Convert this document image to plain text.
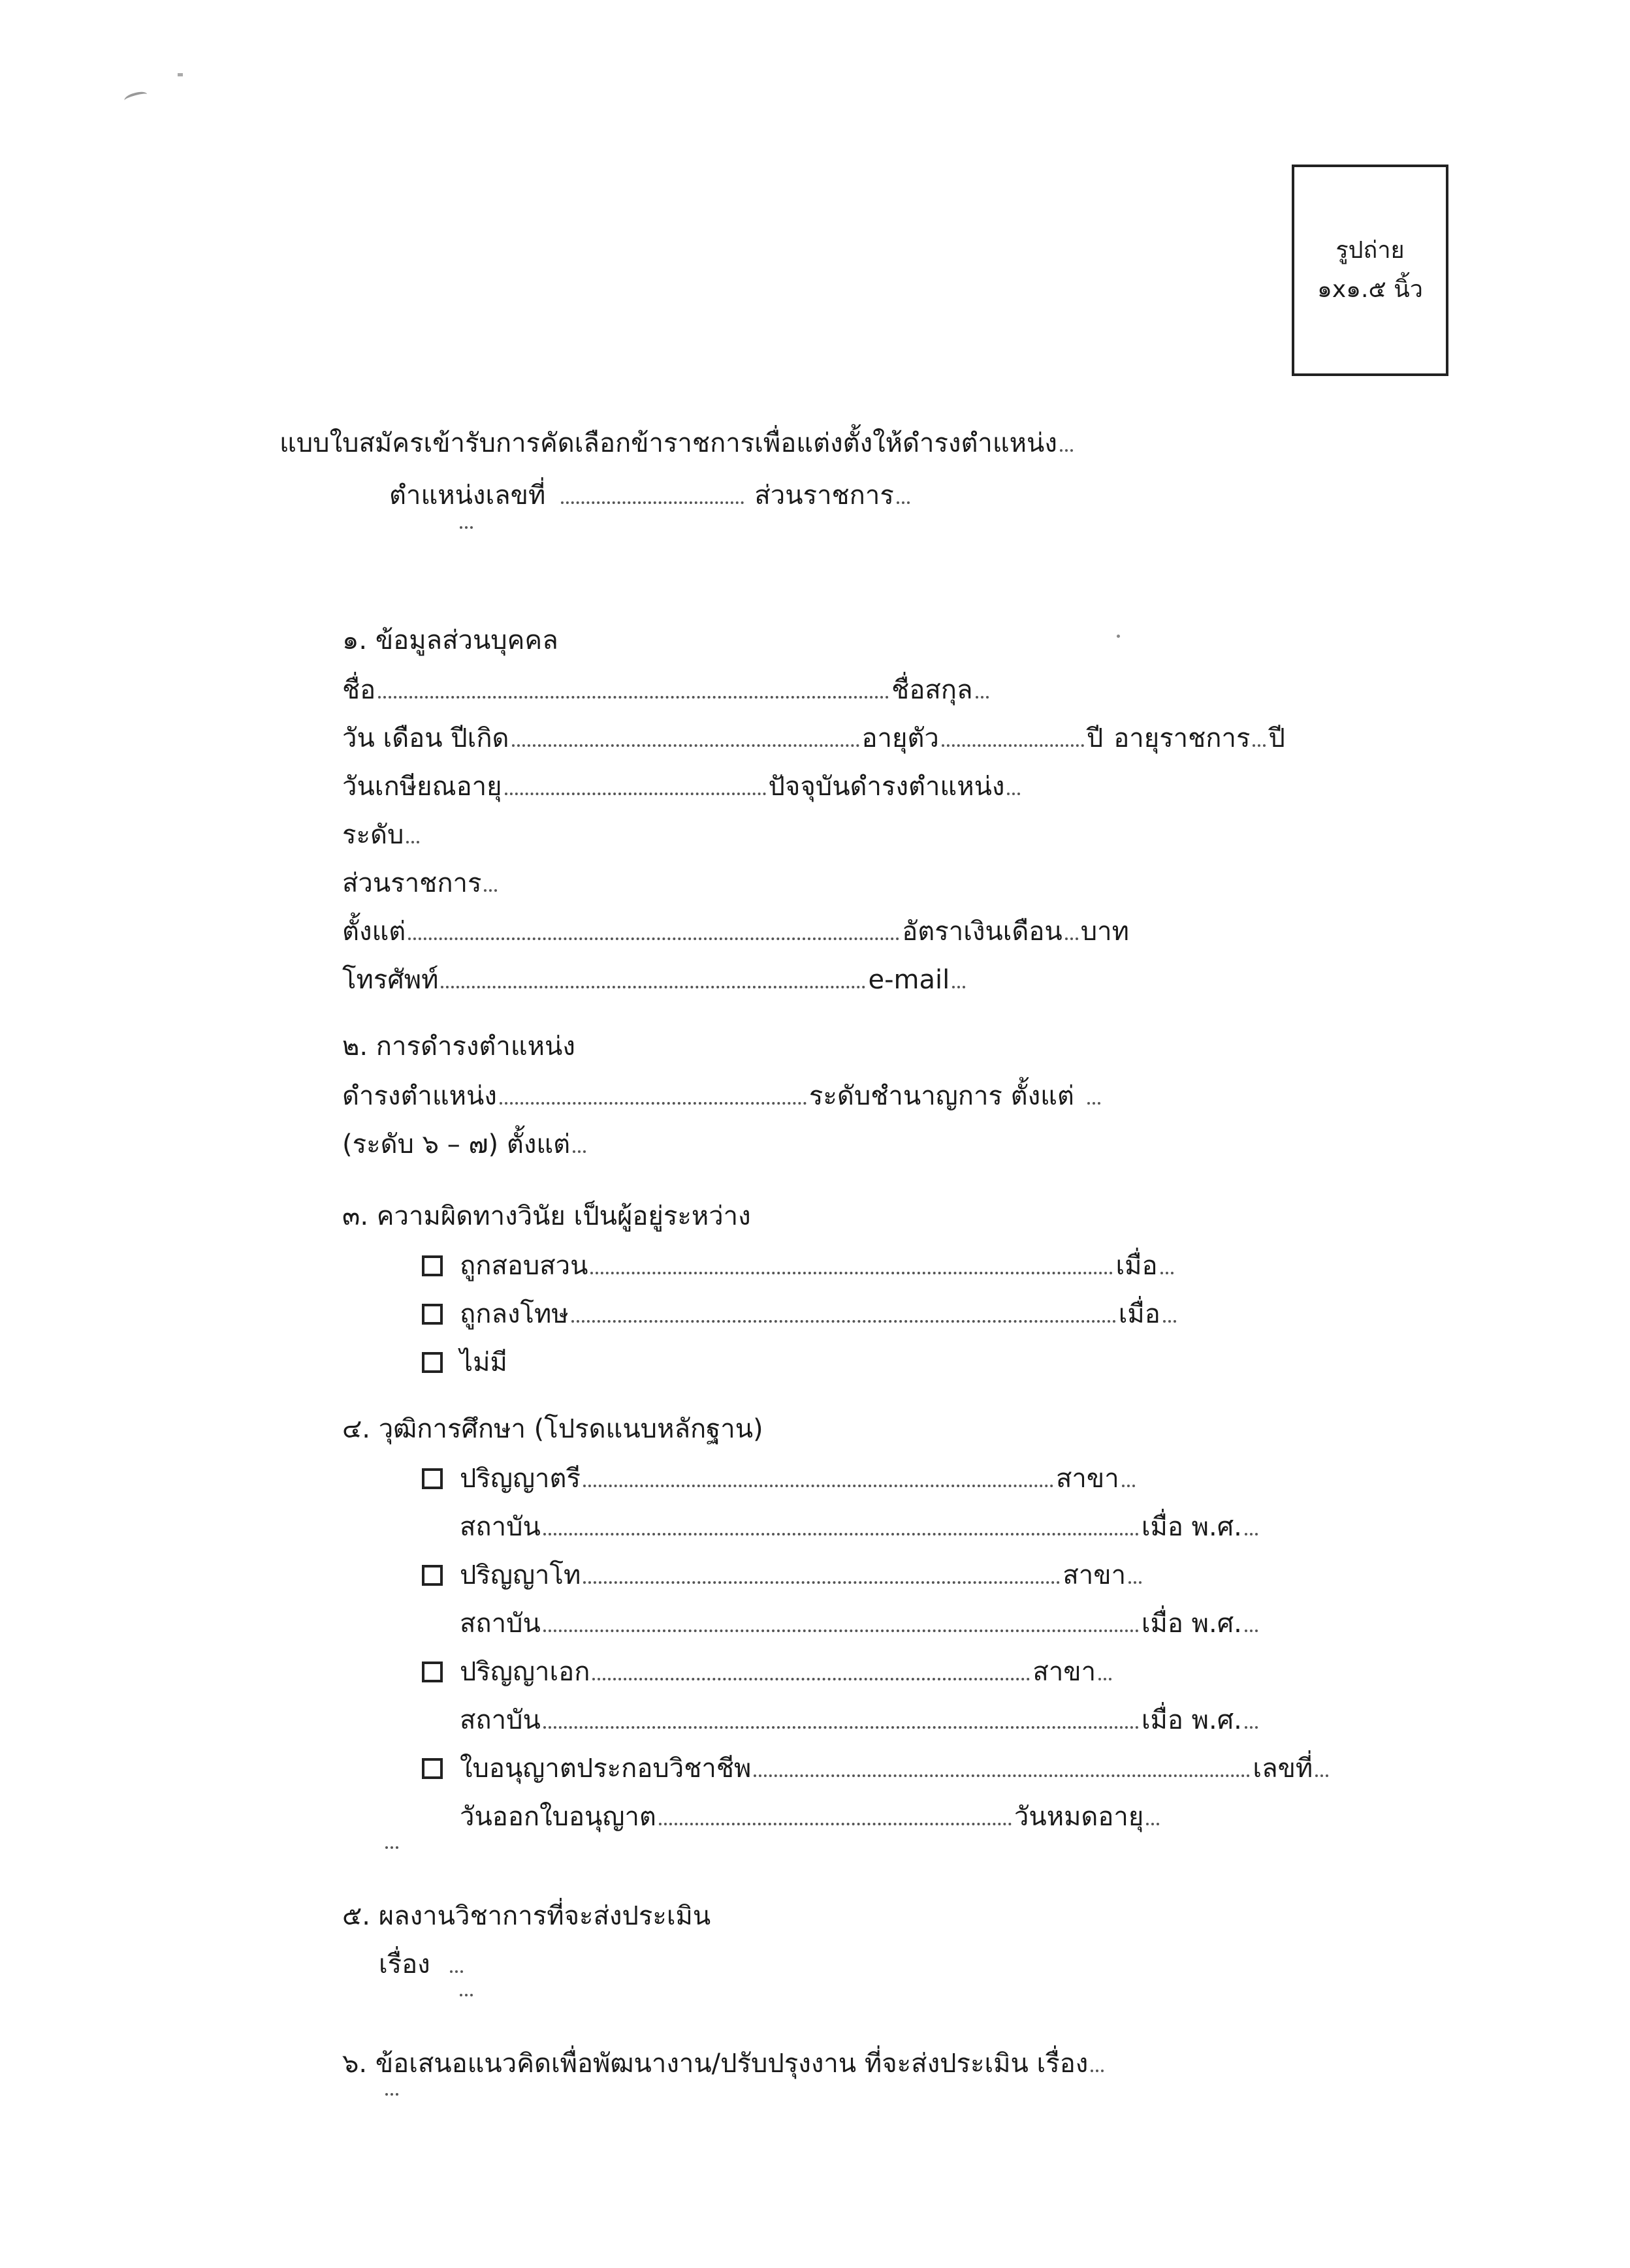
รูปถ่าย
๑x๑.๕ นิ้ว
แบบใบสมัครเข้ารับการคัดเลือกข้าราชการเพื่อแต่งตั้งให้ดำรงตำแหน่ง
ตำแหน่งเลขที่	ส่วนราชการ
๑. ข้อมูลส่วนบุคคล
ชื่อ	ชื่อสกุล
วัน เดือน ปีเกิด	อายุตัว	ปี อายุราชการ ปี
วันเกษียณอายุ	ปัจจุบันดำรงตำแหน่ง
ระดับ
ส่วนราชการ
ตั้งแต่	อัตราเงินเดือน บาท
โทรศัพท์	e-mail
๒. การดำรงตำแหน่ง
ดำรงตำแหน่ง	ระดับชำนาญการ ตั้งแต่
(ระดับ ๖ – ๗) ตั้งแต่
๓. ความผิดทางวินัย เป็นผู้อยู่ระหว่าง
ถูกสอบสวน	เมื่อ
ถูกลงโทษ	เมื่อ
ไม่มี
๔. วุฒิการศึกษา (โปรดแนบหลักฐาน)
ปริญญาตรี	สาขา
สถาบัน	เมื่อ พ.ศ.
ปริญญาโท	สาขา
สถาบัน	เมื่อ พ.ศ.
ปริญญาเอก	สาขา
สถาบัน	เมื่อ พ.ศ.
ใบอนุญาตประกอบวิชาชีพ	เลขที่
วันออกใบอนุญาต	วันหมดอายุ
๕. ผลงานวิชาการที่จะส่งประเมิน
เรื่อง
๖. ข้อเสนอแนวคิดเพื่อพัฒนางาน/ปรับปรุงงาน ที่จะส่งประเมิน เรื่อง
